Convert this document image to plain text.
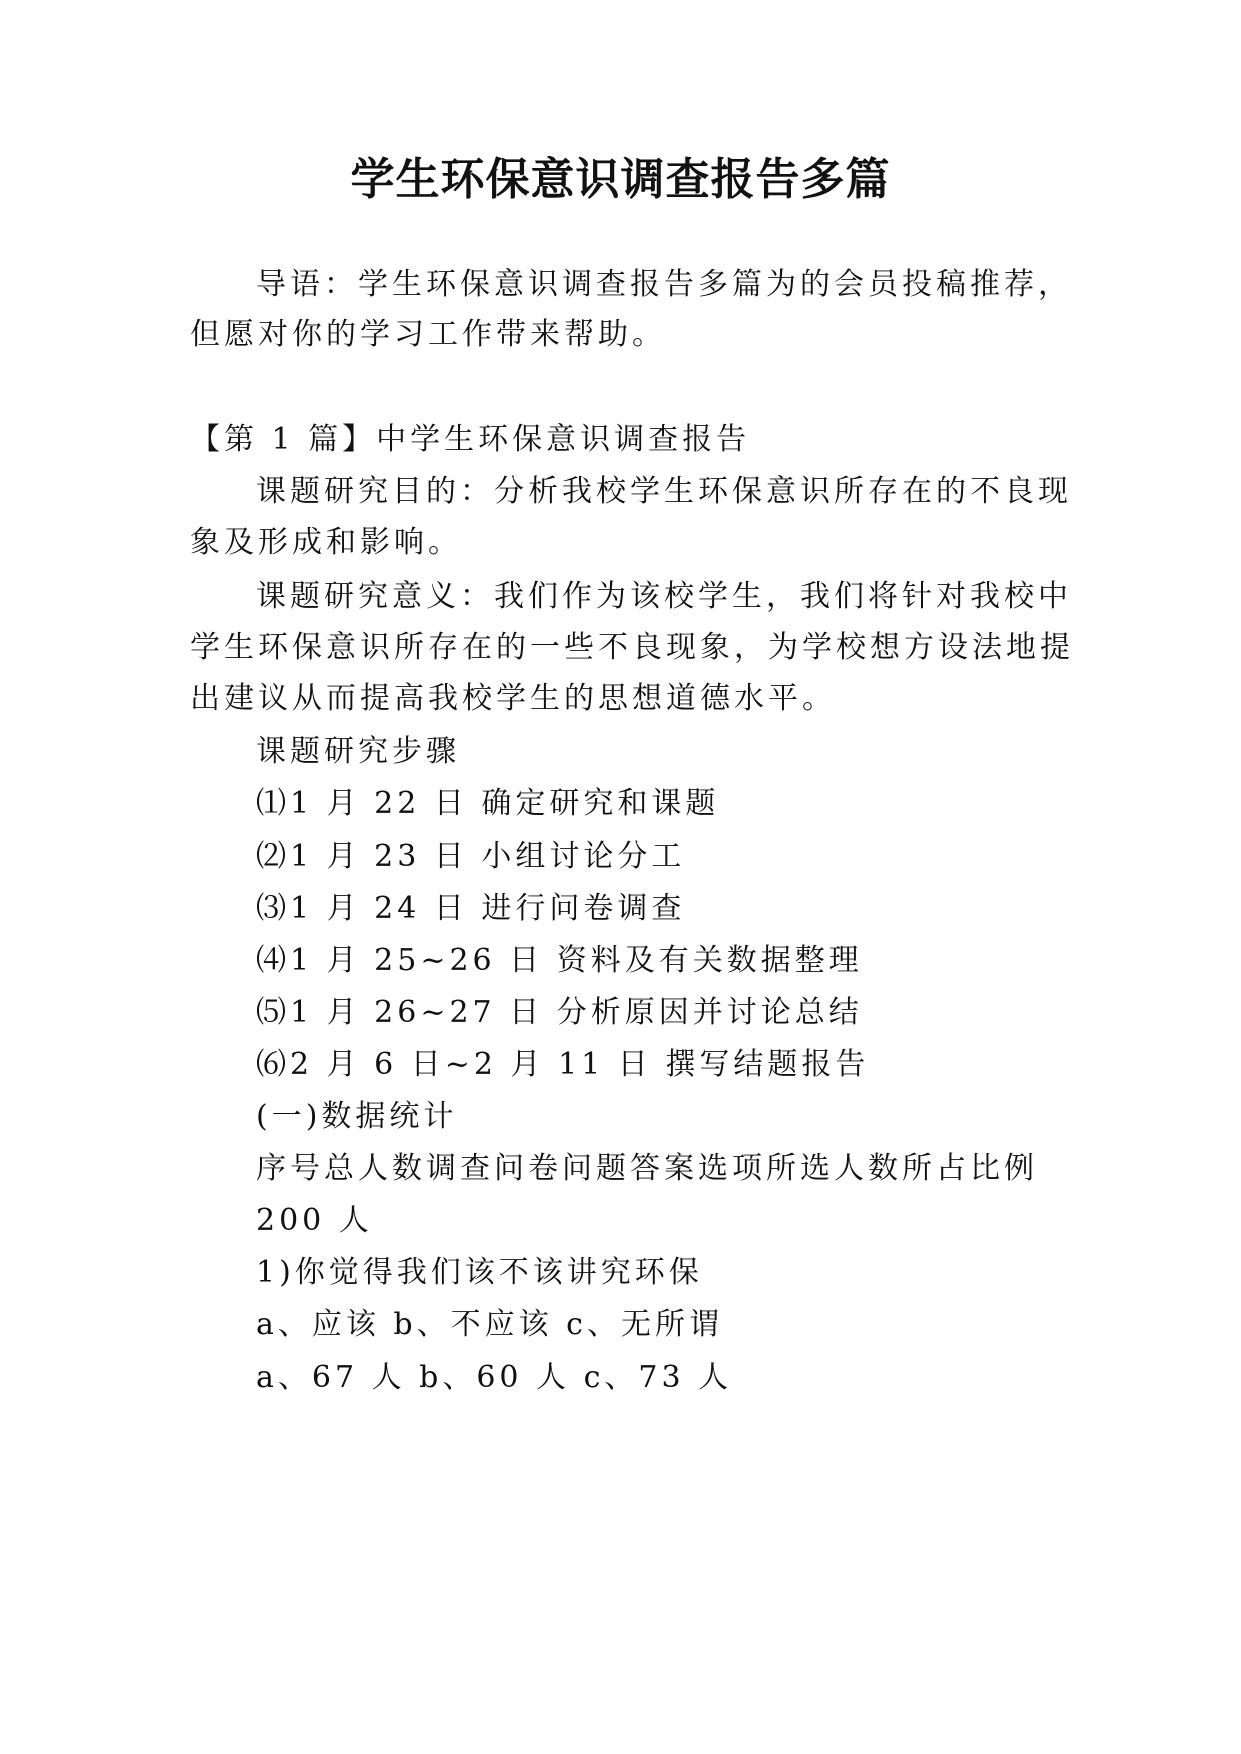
学生环保意识调查报告多篇
导语：学生环保意识调查报告多篇为的会员投稿推荐，
但愿对你的学习工作带来帮助。
【第 1 篇】中学生环保意识调查报告
课题研究目的：分析我校学生环保意识所存在的不良现
象及形成和影响。
课题研究意义：我们作为该校学生，我们将针对我校中
学生环保意识所存在的一些不良现象，为学校想方设法地提
出建议从而提高我校学生的思想道德水平。
课题研究步骤
⑴1 月 22 日 确定研究和课题
⑵1 月 23 日 小组讨论分工
⑶1 月 24 日 进行问卷调查
⑷1 月 25~26 日 资料及有关数据整理
⑸1 月 26~27 日 分析原因并讨论总结
⑹2 月 6 日~2 月 11 日 撰写结题报告
(一)数据统计
序号总人数调查问卷问题答案选项所选人数所占比例
200 人
1)你觉得我们该不该讲究环保
a、应该 b、不应该 c、无所谓
a、67 人 b、60 人 c、73 人
